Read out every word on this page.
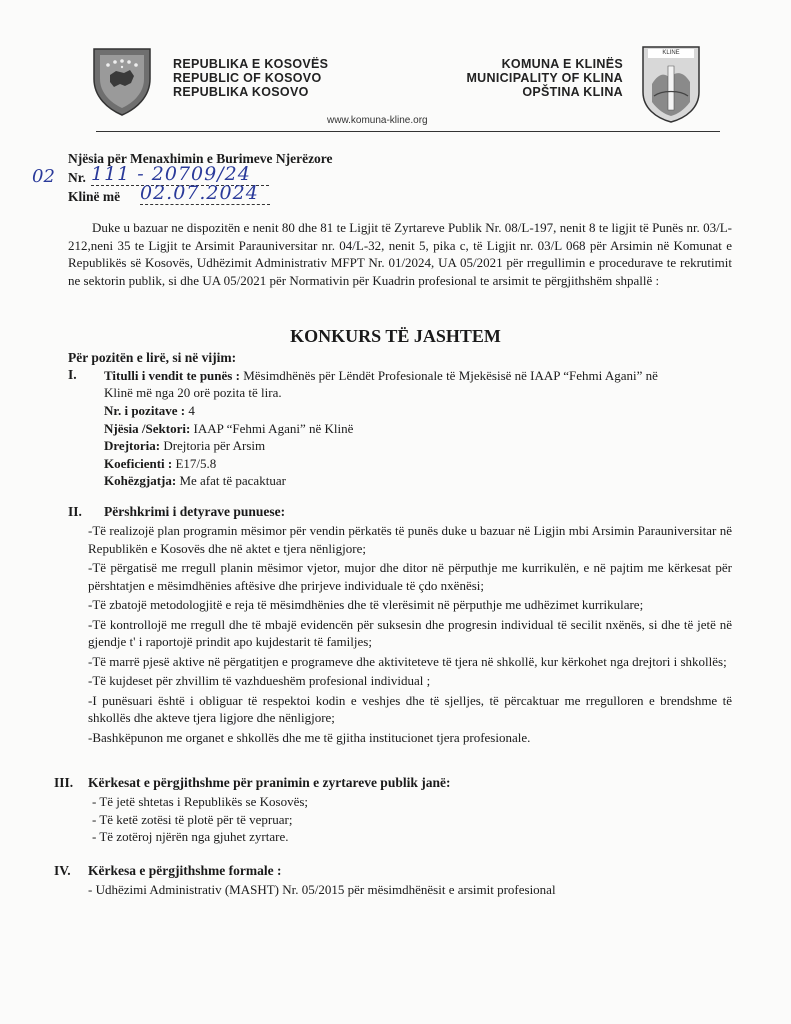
REPUBLIKA E KOSOVËS
REPUBLIC OF KOSOVO
REPUBLIKA KOSOVO
KOMUNA E KLINËS
MUNICIPALITY OF KLINA
OPŠTINA KLINA
KLINE
www.komuna-kline.org
Njësia për Menaxhimin e Burimeve Njerëzore
02 Nr. 111 - 20709/24
Klinë më 02.07.2024
Duke u bazuar ne dispozitën e nenit 80 dhe 81 te Ligjit të Zyrtareve Publik Nr. 08/L-197, nenit 8 te ligjit të Punës nr. 03/L-212,neni 35 te Ligjit te Arsimit Parauniversitar nr. 04/L-32, nenit 5, pika c, të Ligjit nr. 03/L 068 për Arsimin në Komunat e Republikës së Kosovës, Udhëzimit Administrativ MFPT Nr. 01/2024, UA 05/2021 për rregullimin e procedurave te rekrutimit ne sektorin publik, si dhe UA 05/2021 për Normativin për Kuadrin profesional te arsimit te përgjithshëm shpallë :
KONKURS TË JASHTEM
Për pozitën e lirë, si në vijim:
I. Titulli i vendit te punës : Mësimdhënës për Lëndët Profesionale të Mjekësisë në IAAP “Fehmi Agani” në
Klinë më nga 20 orë pozita të lira.
Nr. i pozitave : 4
Njësia /Sektori: IAAP “Fehmi Agani” në Klinë
Drejtoria: Drejtoria për Arsim
Koeficienti : E17/5.8
Kohëzgjatja: Me afat të pacaktuar
II. Përshkrimi i detyrave punuese:
-Të realizojë plan programin mësimor për vendin përkatës të punës duke u bazuar në Ligjin mbi Arsimin Parauniversitar në Republikën e Kosovës dhe në aktet e tjera nënligjore;
-Të përgatisë me rregull planin mësimor vjetor, mujor dhe ditor në përputhje me kurrikulën, e në pajtim me kërkesat për përshtatjen e mësimdhënies aftësive dhe prirjeve individuale të çdo nxënësi;
-Të zbatojë metodologjitë e reja të mësimdhënies dhe të vlerësimit në përputhje me udhëzimet kurrikulare;
-Të kontrollojë me rregull dhe të mbajë evidencën për suksesin dhe progresin individual të secilit nxënës, si dhe të jetë në gjendje t' i raportojë prindit apo kujdestarit të familjes;
-Të marrë pjesë aktive në përgatitjen e programeve dhe aktiviteteve të tjera në shkollë, kur kërkohet nga drejtori i shkollës;
-Të kujdeset për zhvillim të vazhdueshëm profesional individual ;
-I punësuari është i obliguar të respektoi kodin e veshjes dhe të sjelljes, të përcaktuar me rregulloren e brendshme të shkollës dhe akteve tjera ligjore dhe nënligjore;
-Bashkëpunon me organet e shkollës dhe me të gjitha institucionet tjera profesionale.
III. Kërkesat e përgjithshme për pranimin e zyrtareve publik janë:
- Të jetë shtetas i Republikës se Kosovës;
- Të ketë zotësi të plotë për të vepruar;
- Të zotëroj njërën nga gjuhet zyrtare.
IV. Kërkesa e përgjithshme formale :
- Udhëzimi Administrativ (MASHT) Nr. 05/2015 për mësimdhënësit e arsimit profesional
